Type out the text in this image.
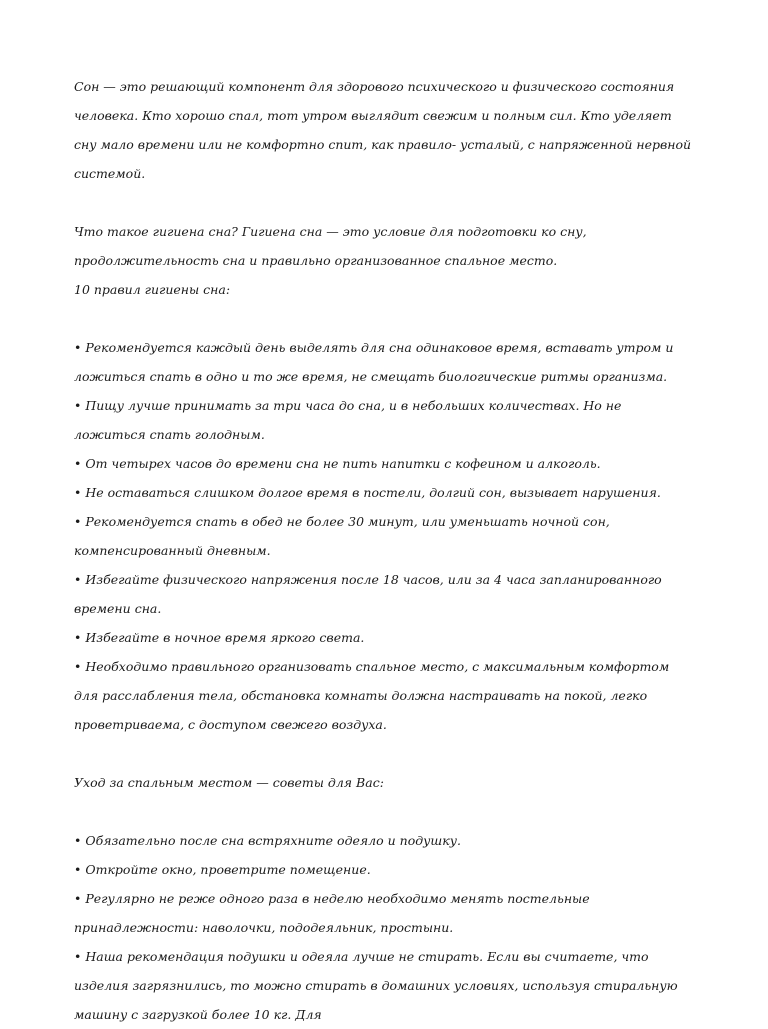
Сон — это решающий компонент для здорового психического и физического состояния человека. Кто хорошо спал, тот утром выглядит свежим и полным сил. Кто уделяет сну мало времени или не комфортно спит, как правило- усталый, с напряженной нервной системой.

Что такое гигиена сна? Гигиена сна — это условие для подготовки ко сну, продолжительность сна и правильно организованное спальное место.

10 правил гигиены сна:

• Рекомендуется каждый день выделять для сна одинаковое время, вставать утром и ложиться спать в одно и то же время, не смещать биологические ритмы организма.
• Пищу лучше принимать за три часа до сна, и в небольших количествах. Но не ложиться спать голодным.
• От четырех часов до времени сна не пить напитки с кофеином и алкоголь.
• Не оставаться слишком долгое время в постели, долгий сон, вызывает нарушения.
• Рекомендуется спать в обед не более 30 минут, или уменьшать ночной сон, компенсированный дневным.
• Избегайте физического напряжения после 18 часов, или за 4 часа запланированного времени сна.
• Избегайте в ночное время яркого света.
• Необходимо правильного организовать спальное место, с максимальным комфортом для расслабления тела, обстановка комнаты должна настраивать на покой, легко проветриваема, с доступом свежего воздуха.

Уход за спальным местом — советы для Вас:

• Обязательно после сна встряхните одеяло и подушку.
• Откройте окно, проветрите помещение.
• Регулярно не реже одного раза в неделю необходимо менять постельные принадлежности: наволочки, пододеяльник, простыни.
• Наша рекомендация подушки и одеяла лучше не стирать. Если вы считаете, что изделия загрязнились, то можно стирать в домашних условиях, используя стиральную машину с загрузкой более 10 кг. Для
